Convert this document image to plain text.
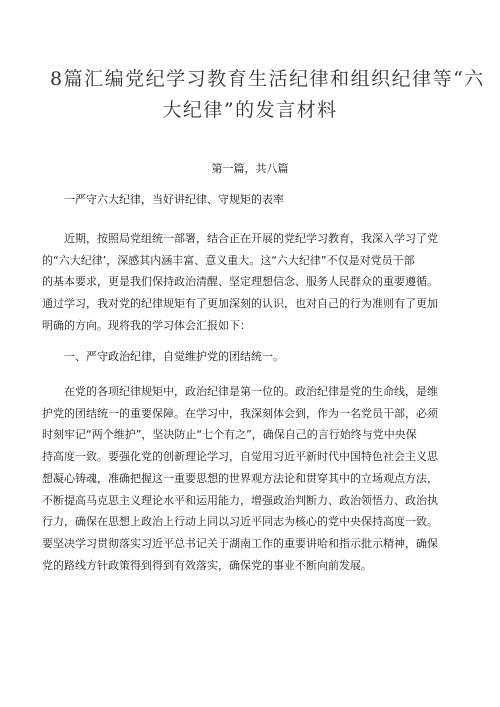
8篇汇编党纪学习教育生活纪律和组织纪律等“六
大纪律”的发言材料
第一篇，共八篇
一严守六大纪律，当好讲纪律、守规矩的表率
近期，按照局党组统一部署，结合正在开展的党纪学习教育，我深入学习了党
的“六大纪律’，深感其内涵丰富、意义重大。这“六大纪律”不仅是对党员干部
的基本要求，更是我们保持政治清醒、坚定理想信念、服务人民群众的重要遵循。
通过学习，我对党的纪律规矩有了更加深刻的认识，也对自己的行为准则有了更加
明确的方向。现将我的学习体会汇报如下：
一、严守政治纪律，自觉维护党的团结统一。
在党的各项纪律规矩中，政治纪律是第一位的。政治纪律是党的生命线，是维
护党的团结统一的重要保障。在学习中，我深刻体会到，作为一名党员干部，必须
时刻牢记“两个维护”，坚决防止“七个有之”，确保自己的言行始终与党中央保
持高度一致。要强化党的创新理论学习，自觉用习近平新时代中国特色社会主义思
想凝心铸魂，准确把握这一重要思想的世界观方法论和贯穿其中的立场观点方法，
不断提高马克思主义理论水平和运用能力，增强政治判断力、政治领悟力、政治执
行力，确保在思想上政治上行动上同以习近平同志为核心的党中央保持高度一致。
要坚决学习贯彻落实习近平总书记关于湖南工作的重要讲哈和指示批示精神，确保
党的路线方针政策得到得到有效落实，确保党的事业不断向前发展。
